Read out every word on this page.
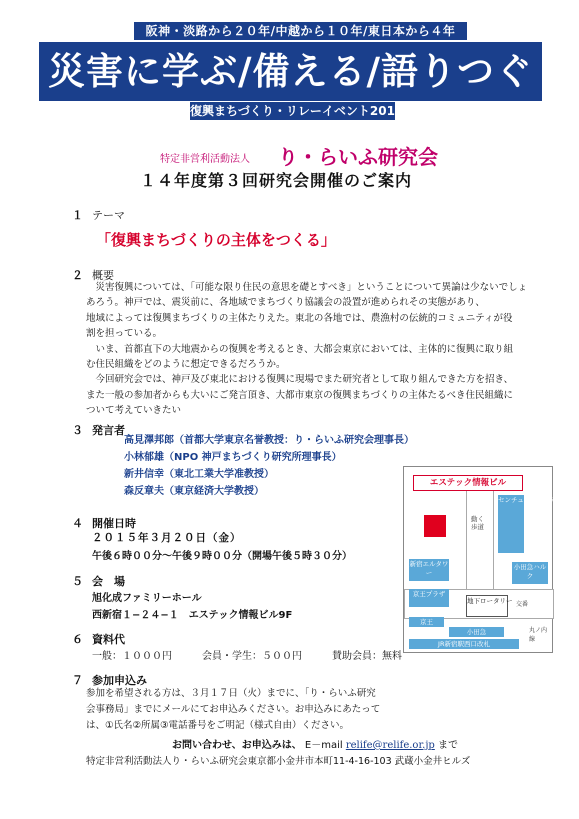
阪神・淡路から２０年/中越から１０年/東日本から４年
災害に学ぶ/備える/語りつぐ
復興まちづくり・リレーイベント2015
特定非営利活動法人 り・らいふ研究会
１４年度第３回研究会開催のご案内
１ テーマ
「復興まちづくりの主体をつくる」
２ 概要
　災害復興については、「可能な限り住民の意思を礎とすべき」ということについて異論は少ないでしょ
あろう。神戸では、震災前に、各地域でまちづくり協議会の設置が進められその実態があり、
地域によっては復興まちづくりの主体たりえた。東北の各地では、農漁村の伝統的コミュニティが役
割を担っている。
　いま、首都直下の大地震からの復興を考えるとき、大都会東京においては、主体的に復興に取り組
む住民組織をどのように想定できるだろうか。
　今回研究会では、神戸及び東北における復興に現場でまた研究者として取り組んできた方を招き、
また一般の参加者からも大いにご発言頂き、大都市東京の復興まちづくりの主体たるべき住民組織に
ついて考えていきたい
３ 発言者
高見澤邦郎（首都大学東京名誉教授：り・らいふ研究会理事長）
小林郁雄（NPO 神戸まちづくり研究所理事長）
新井信幸（東北工業大学准教授）
森反章夫（東京経済大学教授）
４ 開催日時
２０１５年３月２０日（金）
午後６時００分〜午後９時００分（開場午後５時３０分）
５ 会　場
旭化成ファミリーホール
西新宿１−２４−１　エステック情報ビル9F
６ 資料代
一般：１０００円　　　会員・学生：５００円　　　賛助会員：無料
７ 参加申込み
参加を希望される方は、３月１７日（火）までに、「り・らいふ研究
会事務局」までにメールにてお申込みください。お申込みにあたって
は、①氏名②所属③電話番号をご明記（様式自由）ください。
お問い合わせ、お申込みは、 E－mail relife@relife.or.jp まで
特定非営利活動法人り・らいふ研究会東京都小金井市本町11-4-16-103 武蔵小金井ヒルズ
エステック情報ビル
センチュリーハイアット
動く歩道
新宿エルタワー
小田急ハルク
京王プラザ
地下ロータリー
京王
小田急
JR新宿駅西口改札
丸ノ内線
交番
